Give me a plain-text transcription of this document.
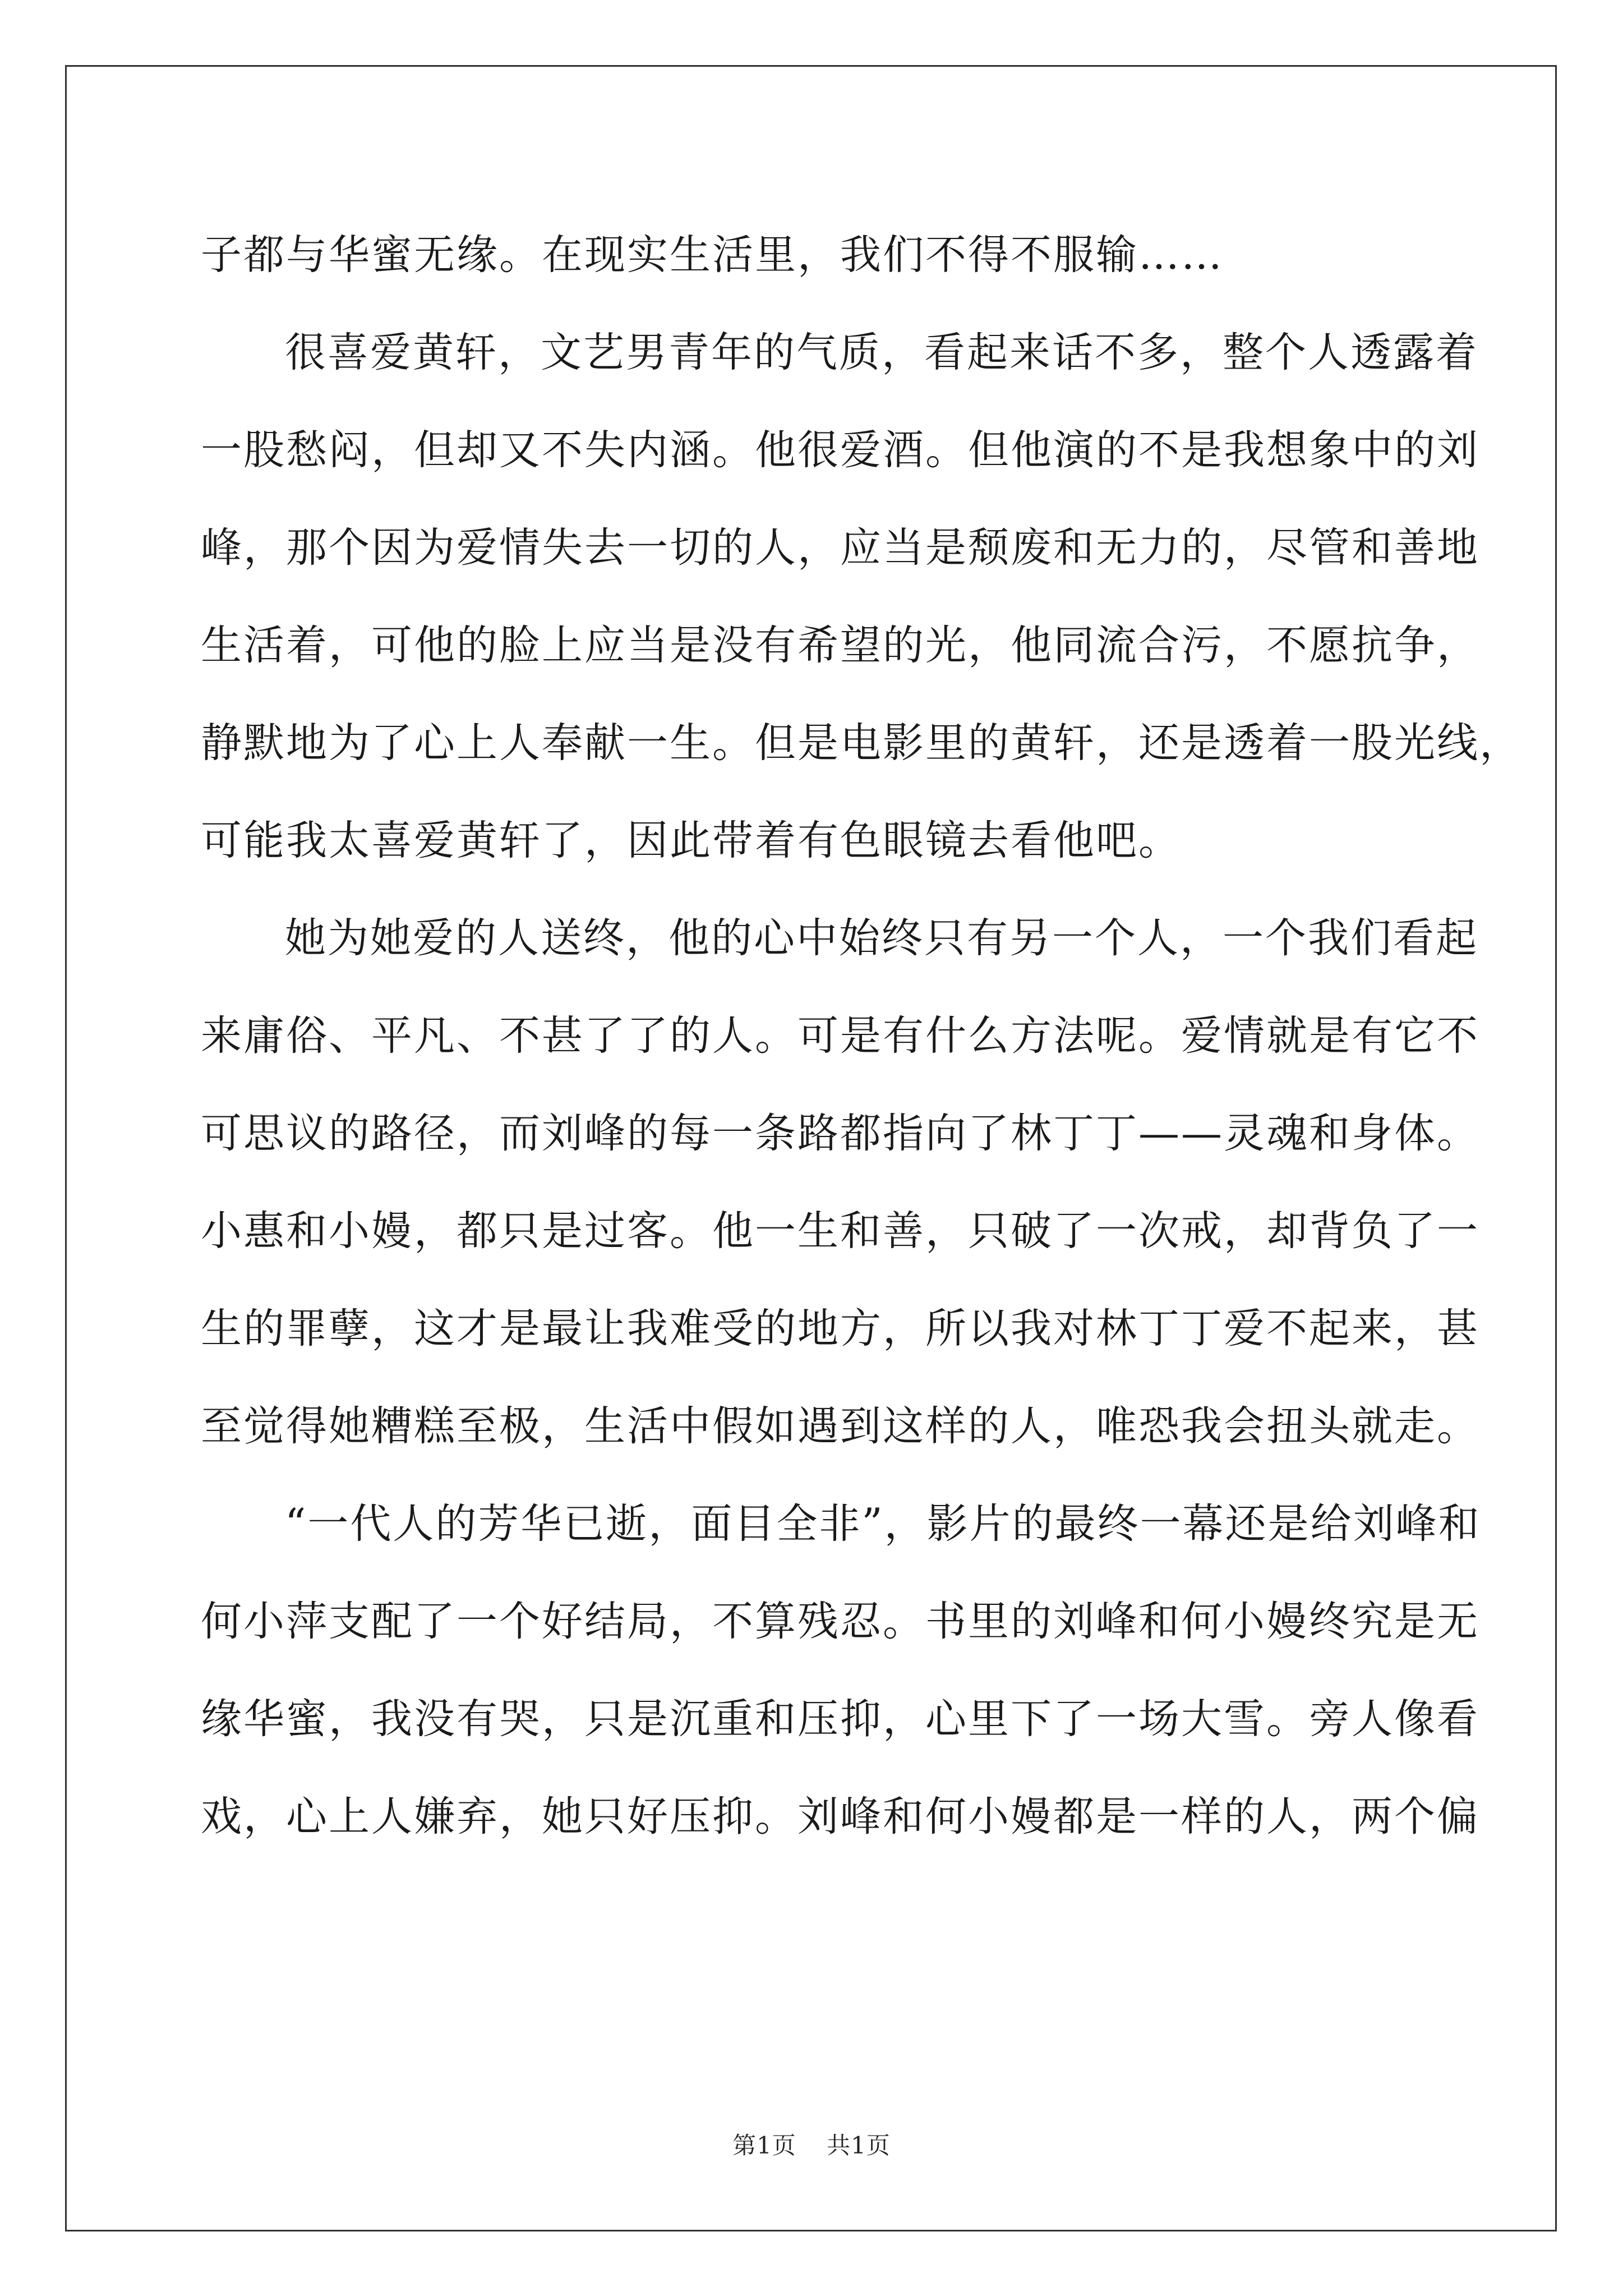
子都与华蜜无缘。在现实生活里，我们不得不服输……
很喜爱黄轩，文艺男青年的气质，看起来话不多，整个人透露着
一股愁闷，但却又不失内涵。他很爱酒。但他演的不是我想象中的刘
峰，那个因为爱情失去一切的人，应当是颓废和无力的，尽管和善地
生活着，可他的脸上应当是没有希望的光，他同流合污，不愿抗争，
静默地为了心上人奉献一生。但是电影里的黄轩，还是透着一股光线，
可能我太喜爱黄轩了，因此带着有色眼镜去看他吧。
她为她爱的人送终，他的心中始终只有另一个人，一个我们看起
来庸俗、平凡、不甚了了的人。可是有什么方法呢。爱情就是有它不
可思议的路径，而刘峰的每一条路都指向了林丁丁——灵魂和身体。
小惠和小嫚，都只是过客。他一生和善，只破了一次戒，却背负了一
生的罪孽，这才是最让我难受的地方，所以我对林丁丁爱不起来，甚
至觉得她糟糕至极，生活中假如遇到这样的人，唯恐我会扭头就走。
“一代人的芳华已逝，面目全非”，影片的最终一幕还是给刘峰和
何小萍支配了一个好结局，不算残忍。书里的刘峰和何小嫚终究是无
缘华蜜，我没有哭，只是沉重和压抑，心里下了一场大雪。旁人像看
戏，心上人嫌弃，她只好压抑。刘峰和何小嫚都是一样的人，两个偏
第1页 共1页
